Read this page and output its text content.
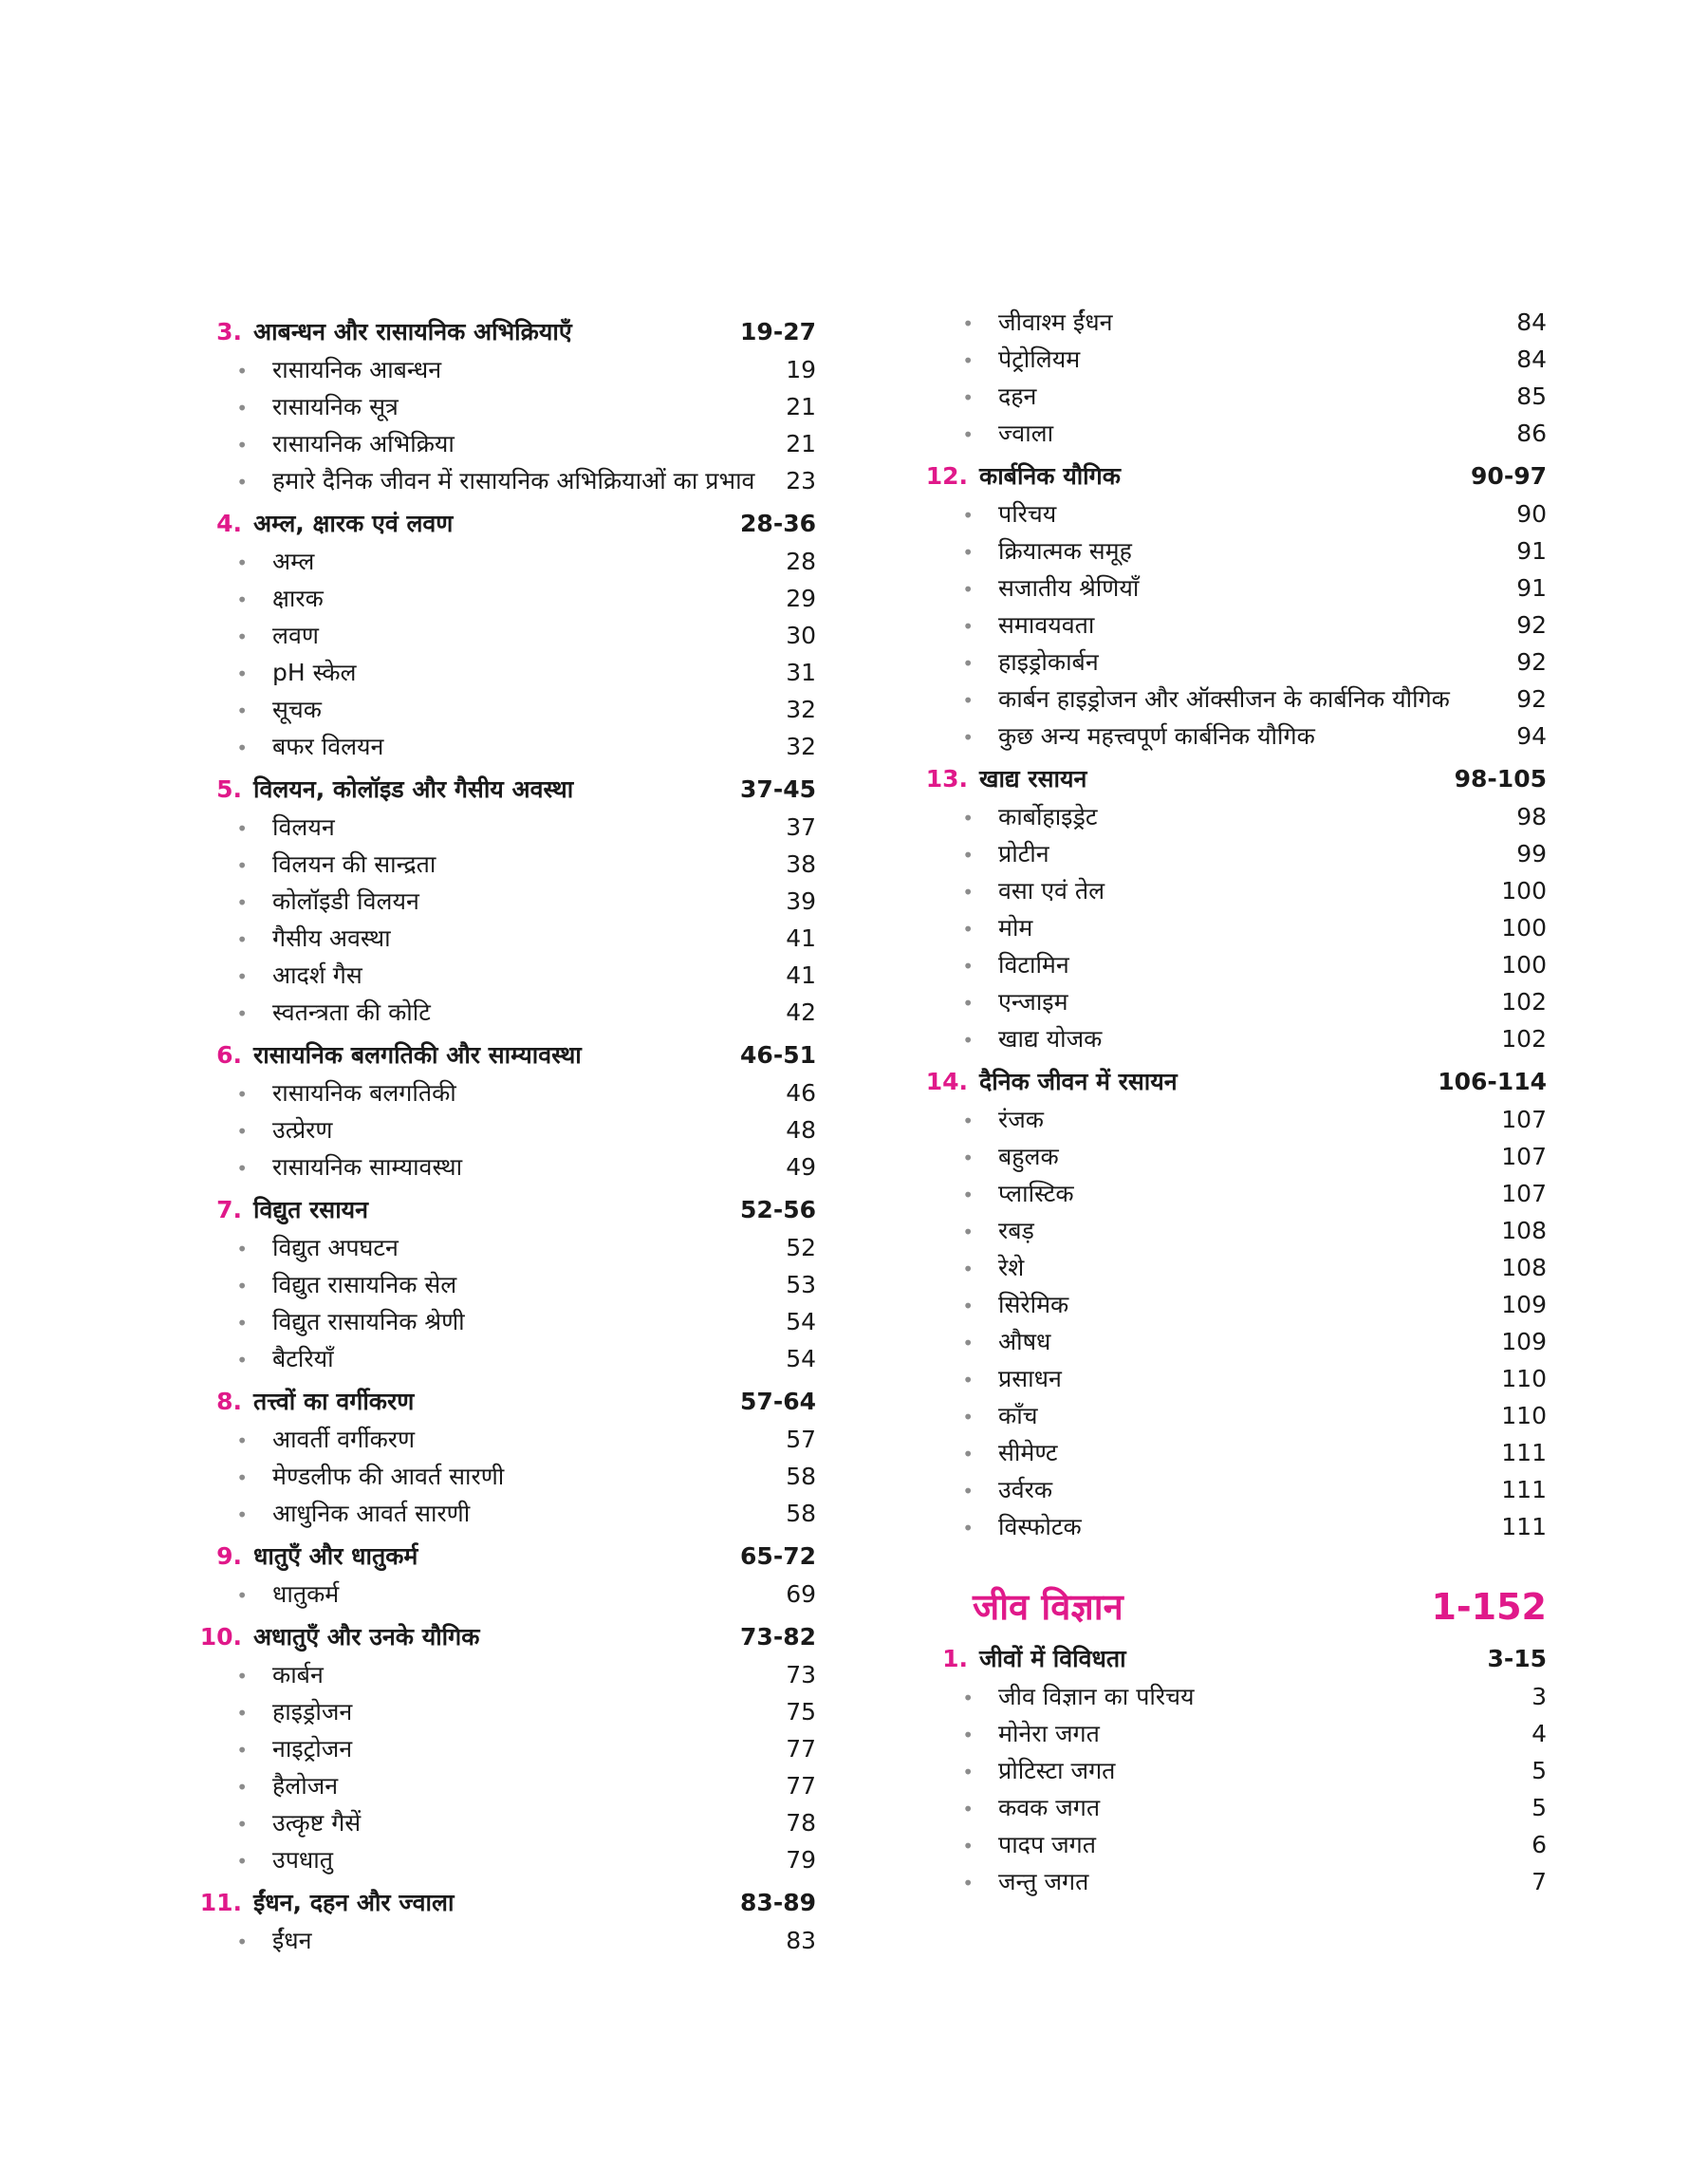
3. आबन्धन और रासायनिक अभिक्रियाएँ	19-27
•	रासायनिक आबन्धन	19
•	रासायनिक सूत्र	21
•	रासायनिक अभिक्रिया	21
•	हमारे दैनिक जीवन में रासायनिक अभिक्रियाओं का प्रभाव	23
4. अम्ल, क्षारक एवं लवण	28-36
•	अम्ल	28
•	क्षारक	29
•	लवण	30
•	pH स्केल	31
•	सूचक	32
•	बफर विलयन	32
5. विलयन, कोलॉइड और गैसीय अवस्था	37-45
•	विलयन	37
•	विलयन की सान्द्रता	38
•	कोलॉइडी विलयन	39
•	गैसीय अवस्था	41
•	आदर्श गैस	41
•	स्वतन्त्रता की कोटि	42
6. रासायनिक बलगतिकी और साम्यावस्था	46-51
•	रासायनिक बलगतिकी	46
•	उत्प्रेरण	48
•	रासायनिक साम्यावस्था	49
7. विद्युत रसायन	52-56
•	विद्युत अपघटन	52
•	विद्युत रासायनिक सेल	53
•	विद्युत रासायनिक श्रेणी	54
•	बैटरियाँ	54
8. तत्त्वों का वर्गीकरण	57-64
•	आवर्ती वर्गीकरण	57
•	मेण्डलीफ की आवर्त सारणी	58
•	आधुनिक आवर्त सारणी	58
9. धातुएँ और धातुकर्म	65-72
•	धातुकर्म	69
10. अधातुएँ और उनके यौगिक	73-82
•	कार्बन	73
•	हाइड्रोजन	75
•	नाइट्रोजन	77
•	हैलोजन	77
•	उत्कृष्ट गैसें	78
•	उपधातु	79
11. ईंधन, दहन और ज्वाला	83-89
•	ईंधन	83
•	जीवाश्म ईंधन	84
•	पेट्रोलियम	84
•	दहन	85
•	ज्वाला	86
12. कार्बनिक यौगिक	90-97
•	परिचय	90
•	क्रियात्मक समूह	91
•	सजातीय श्रेणियाँ	91
•	समावयवता	92
•	हाइड्रोकार्बन	92
•	कार्बन हाइड्रोजन और ऑक्सीजन के कार्बनिक यौगिक	92
•	कुछ अन्य महत्त्वपूर्ण कार्बनिक यौगिक	94
13. खाद्य रसायन	98-105
•	कार्बोहाइड्रेट	98
•	प्रोटीन	99
•	वसा एवं तेल	100
•	मोम	100
•	विटामिन	100
•	एन्जाइम	102
•	खाद्य योजक	102
14. दैनिक जीवन में रसायन	106-114
•	रंजक	107
•	बहुलक	107
•	प्लास्टिक	107
•	रबड़	108
•	रेशे	108
•	सिरेमिक	109
•	औषध	109
•	प्रसाधन	110
•	काँच	110
•	सीमेण्ट	111
•	उर्वरक	111
•	विस्फोटक	111
जीव विज्ञान	1-152
1. जीवों में विविधता	3-15
•	जीव विज्ञान का परिचय	3
•	मोनेरा जगत	4
•	प्रोटिस्टा जगत	5
•	कवक जगत	5
•	पादप जगत	6
•	जन्तु जगत	7
